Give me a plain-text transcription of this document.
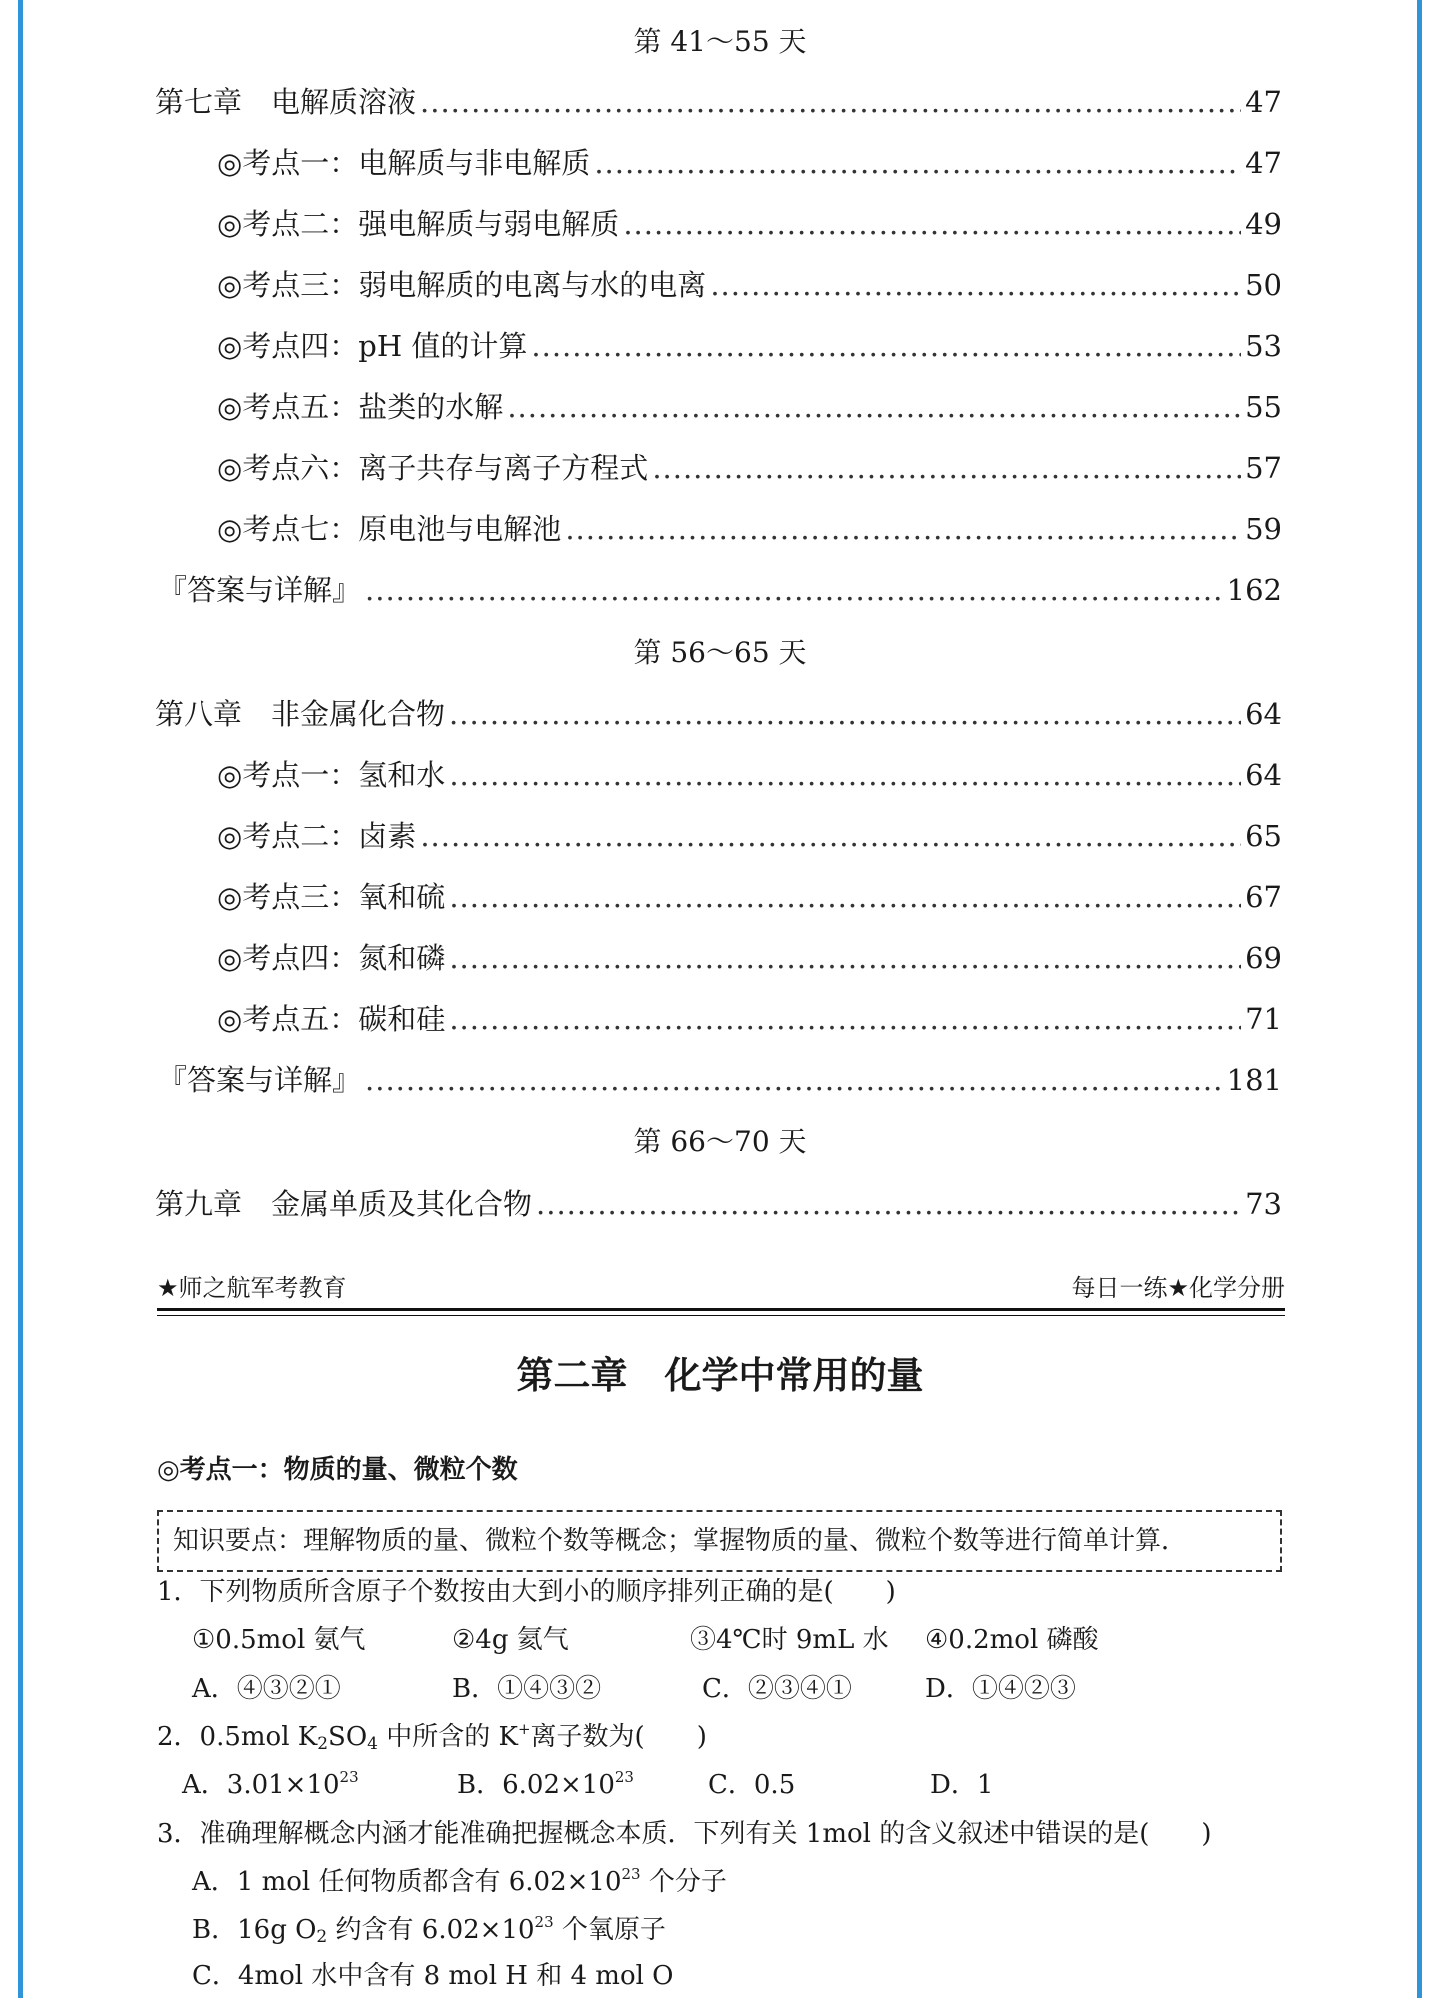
第 41～55 天
第七章　电解质溶液 .....	47
◎考点一：电解质与非电解质 .....	47
◎考点二：强电解质与弱电解质 .....	49
◎考点三：弱电解质的电离与水的电离 .....	50
◎考点四：pH 值的计算 .....	53
◎考点五：盐类的水解 .....	55
◎考点六：离子共存与离子方程式 .....	57
◎考点七：原电池与电解池 .....	59
『答案与详解』 .....	162
第 56～65 天
第八章　非金属化合物 .....	64
◎考点一：氢和水 .....	64
◎考点二：卤素 .....	65
◎考点三：氧和硫 .....	67
◎考点四：氮和磷 .....	69
◎考点五：碳和硅 .....	71
『答案与详解』 .....	181
第 66～70 天
第九章　金属单质及其化合物 .....	73
★师之航军考教育	每日一练★化学分册
第二章　化学中常用的量
◎考点一：物质的量、微粒个数
知识要点：理解物质的量、微粒个数等概念；掌握物质的量、微粒个数等进行简单计算．
1．下列物质所含原子个数按由大到小的顺序排列正确的是(　　)
①0.5mol 氨气	②4g 氦气	③4℃时 9mL 水 ④0.2mol 磷酸
A．④③②①	B．①④③②	C．②③④①	D．①④②③
2．0.5mol $K_2SO_4$ 中所含的 K+离子数为(　　)
A．$3.01\times 10^{23}$	B．$6.02\times 10^{23}$	C．0.5	D．1
3．准确理解概念内涵才能准确把握概念本质．下列有关 1mol 的含义叙述中错误的是(　　)
A．1 mol 任何物质都含有 $6.02\times 10^{23}$ 个分子
B．16g $O_2$ 约含有 $6.02\times 10^{23}$ 个氧原子
C．4mol 水中含有 8 mol H 和 4 mol O
